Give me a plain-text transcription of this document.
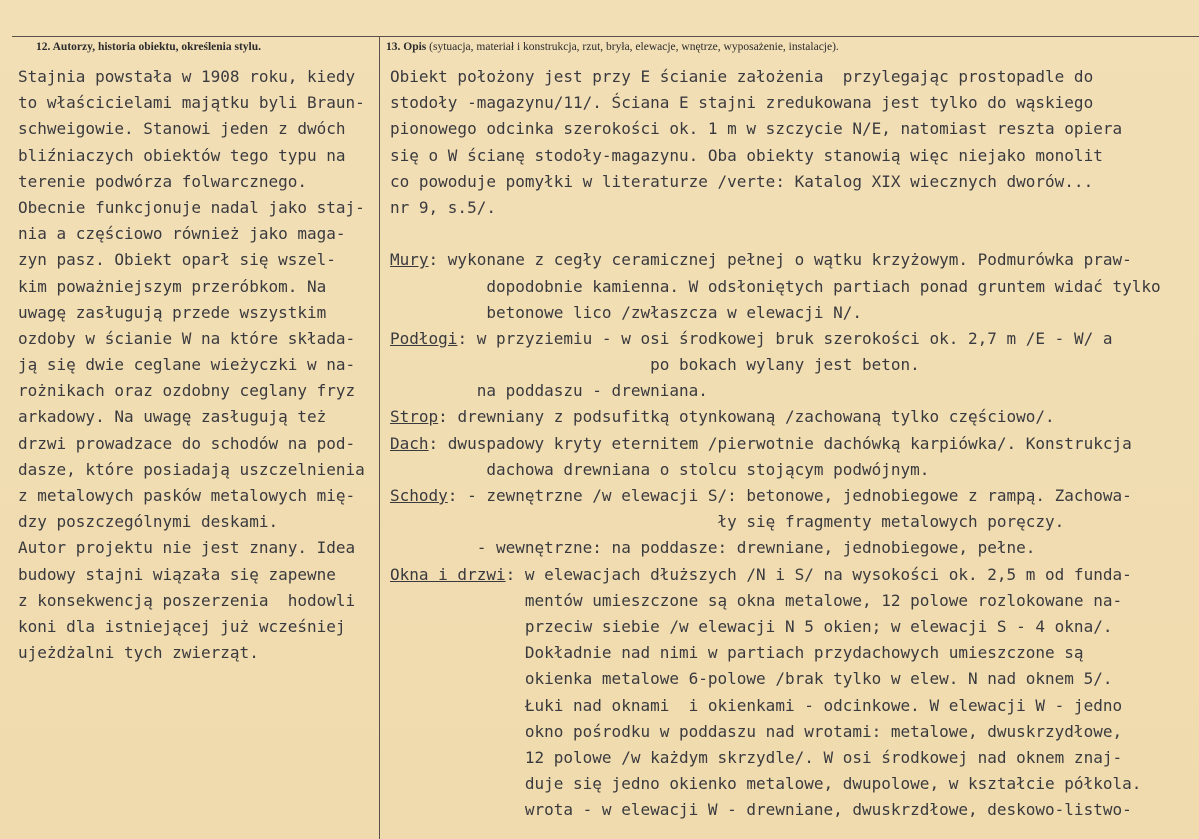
12. Autorzy, historia obiektu, określenia stylu.	13. Opis (sytuacja, materiał i konstrukcja, rzut, bryła, elewacje, wnętrze, wyposażenie, instalacje).
Stajnia powstała w 1908 roku, kiedy
to właścicielami majątku byli Braun-
schweigowie. Stanowi jeden z dwóch
bliźniaczych obiektów tego typu na
terenie podwórza folwarcznego.
Obecnie funkcjonuje nadal jako staj-
nia a częściowo również jako maga-
zyn pasz. Obiekt oparł się wszel-
kim poważniejszym przeróbkom. Na
uwagę zasługują przede wszystkim
ozdoby w ścianie W na które składa-
ją się dwie ceglane wieżyczki w na-
rożnikach oraz ozdobny ceglany fryz
arkadowy. Na uwagę zasługują też
drzwi prowadzace do schodów na pod-
dasze, które posiadają uszczelnienia
z metalowych pasków metalowych mię-
dzy poszczególnymi deskami.
Autor projektu nie jest znany. Idea
budowy stajni wiązała się zapewne
z konsekwencją poszerzenia  hodowli
koni dla istniejącej już wcześniej
ujeżdżalni tych zwierząt.
Obiekt położony jest przy E ścianie założenia  przylegając prostopadle do
stodoły -magazynu/11/. Ściana E stajni zredukowana jest tylko do wąskiego
pionowego odcinka szerokości ok. 1 m w szczycie N/E, natomiast reszta opiera
się o W ścianę stodoły-magazynu. Oba obiekty stanowią więc niejako monolit
co powoduje pomyłki w literaturze /verte: Katalog XIX wiecznych dworów...
nr 9, s.5/.
Mury: wykonane z cegły ceramicznej pełnej o wątku krzyżowym. Podmurówka praw-
dopodobnie kamienna. W odsłoniętych partiach ponad gruntem widać tylko
betonowe lico /zwłaszcza w elewacji N/.
Podłogi: w przyziemiu - w osi środkowej bruk szerokości ok. 2,7 m /E - W/ a
po bokach wylany jest beton.
na poddaszu - drewniana.
Strop: drewniany z podsufitką otynkowaną /zachowaną tylko częściowo/.
Dach: dwuspadowy kryty eternitem /pierwotnie dachówką karpiówka/. Konstrukcja
dachowa drewniana o stolcu stojącym podwójnym.
Schody: - zewnętrzne /w elewacji S/: betonowe, jednobiegowe z rampą. Zachowa-
ły się fragmenty metalowych poręczy.
- wewnętrzne: na poddasze: drewniane, jednobiegowe, pełne.
Okna i drzwi: w elewacjach dłuższych /N i S/ na wysokości ok. 2,5 m od funda-
mentów umieszczone są okna metalowe, 12 polowe rozlokowane na-
przeciw siebie /w elewacji N 5 okien; w elewacji S - 4 okna/.
Dokładnie nad nimi w partiach przydachowych umieszczone są
okienka metalowe 6-polowe /brak tylko w elew. N nad oknem 5/.
Łuki nad oknami  i okienkami - odcinkowe. W elewacji W - jedno
okno pośrodku w poddaszu nad wrotami: metalowe, dwuskrzydłowe,
12 polowe /w każdym skrzydle/. W osi środkowej nad oknem znaj-
duje się jedno okienko metalowe, dwupolowe, w kształcie półkola.
wrota - w elewacji W - drewniane, dwuskrzdłowe, deskowo-listwo-
